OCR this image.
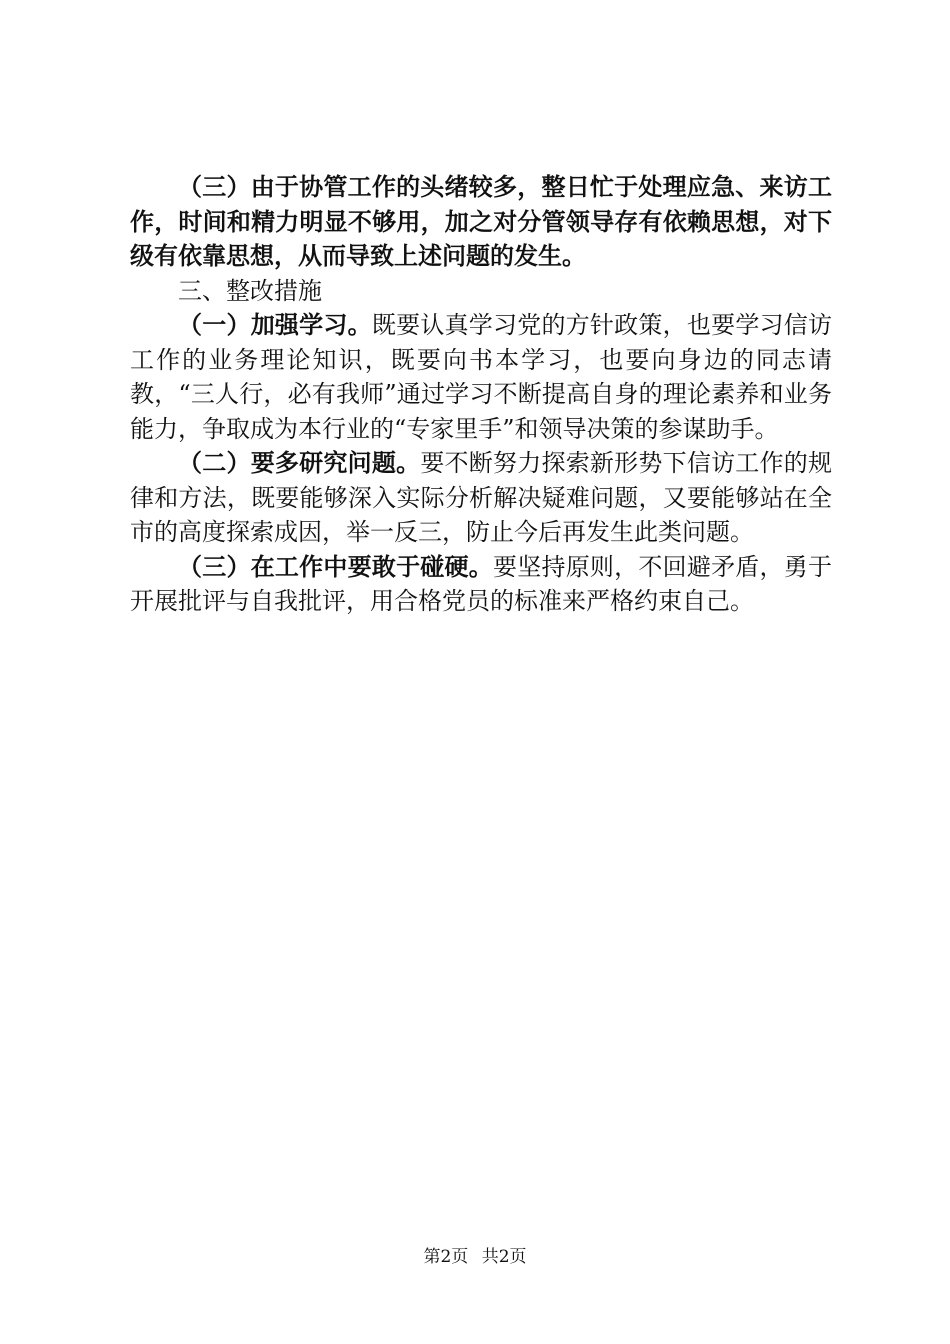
（三）由于协管工作的头绪较多，整日忙于处理应急、来访工作，时间和精力明显不够用，加之对分管领导存有依赖思想，对下级有依靠思想，从而导致上述问题的发生。

三、整改措施

（一）加强学习。既要认真学习党的方针政策，也要学习信访工作的业务理论知识，既要向书本学习，也要向身边的同志请教，“三人行，必有我师”通过学习不断提高自身的理论素养和业务能力，争取成为本行业的“专家里手”和领导决策的参谋助手。

（二）要多研究问题。要不断努力探索新形势下信访工作的规律和方法，既要能够深入实际分析解决疑难问题，又要能够站在全市的高度探索成因，举一反三，防止今后再发生此类问题。

（三）在工作中要敢于碰硬。要坚持原则，不回避矛盾，勇于开展批评与自我批评，用合格党员的标准来严格约束自己。

第2页 共2页
